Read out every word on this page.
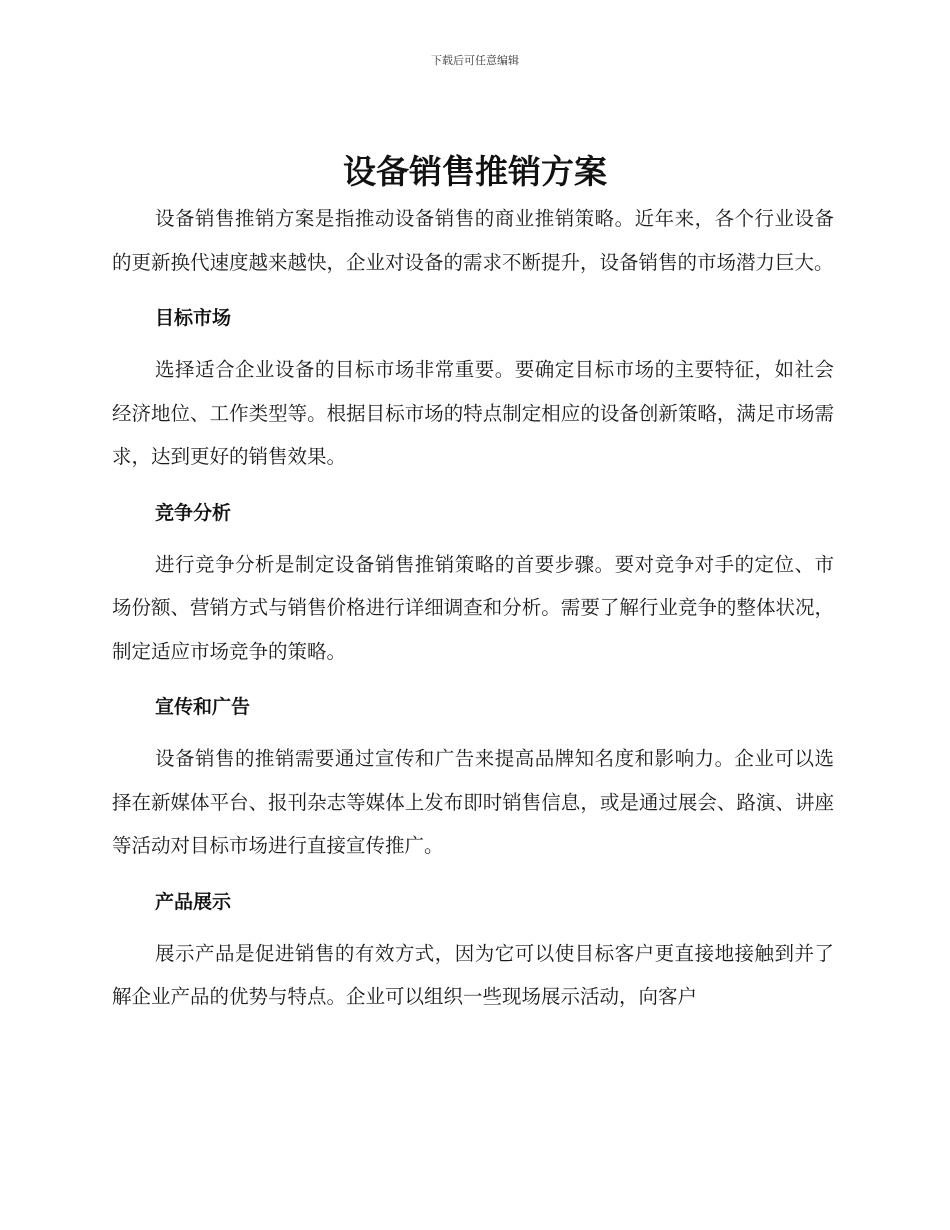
下载后可任意编辑
设备销售推销方案

设备销售推销方案是指推动设备销售的商业推销策略。近年来，各个行业设备的更新换代速度越来越快，企业对设备的需求不断提升，设备销售的市场潜力巨大。

目标市场

选择适合企业设备的目标市场非常重要。要确定目标市场的主要特征，如社会经济地位、工作类型等。根据目标市场的特点制定相应的设备创新策略，满足市场需求，达到更好的销售效果。

竞争分析

进行竞争分析是制定设备销售推销策略的首要步骤。要对竞争对手的定位、市场份额、营销方式与销售价格进行详细调查和分析。需要了解行业竞争的整体状况，制定适应市场竞争的策略。

宣传和广告

设备销售的推销需要通过宣传和广告来提高品牌知名度和影响力。企业可以选择在新媒体平台、报刊杂志等媒体上发布即时销售信息，或是通过展会、路演、讲座等活动对目标市场进行直接宣传推广。

产品展示

展示产品是促进销售的有效方式，因为它可以使目标客户更直接地接触到并了解企业产品的优势与特点。企业可以组织一些现场展示活动，向客户
